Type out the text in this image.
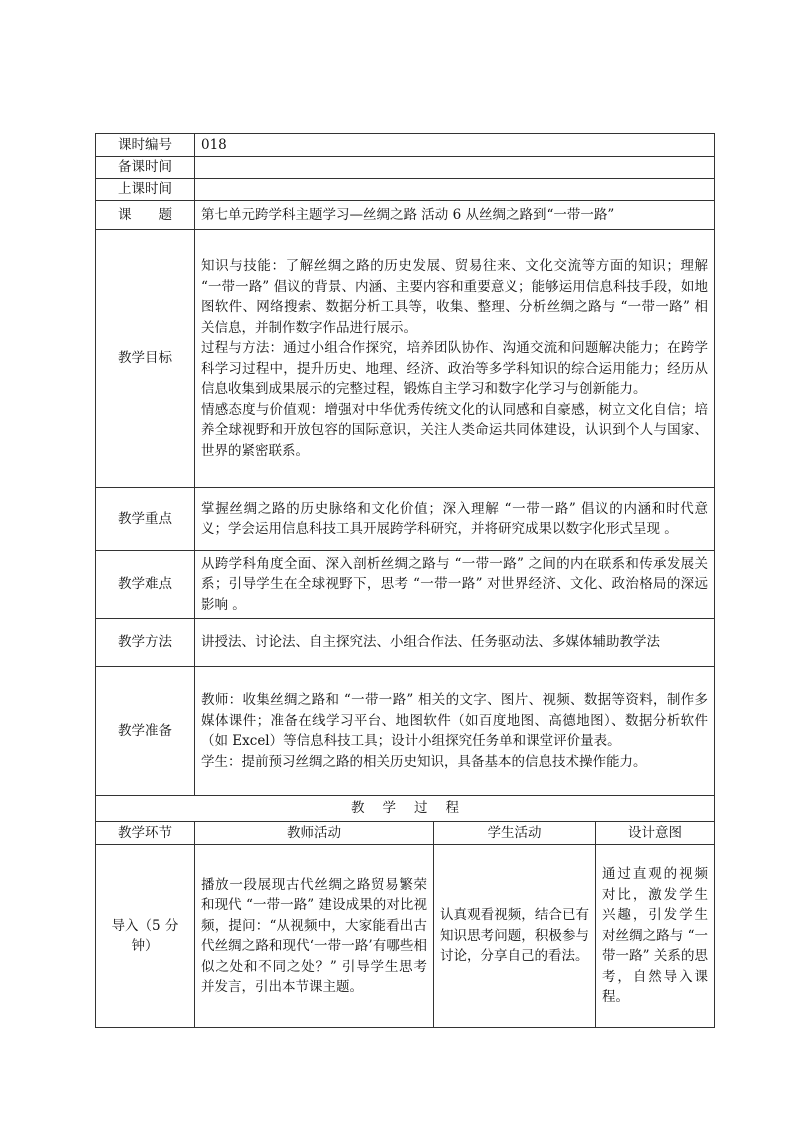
课时编号	018		
备课时间			
上课时间			
课　　题	第七单元跨学科主题学习—丝绸之路 活动 6 从丝绸之路到“一带一路”		
教学目标	知识与技能：了解丝绸之路的历史发展、贸易往来、文化交流等方面的知识；理解 “一带一路” 倡议的背景、内涵、主要内容和重要意义；能够运用信息科技手段，如地图软件、网络搜索、数据分析工具等，收集、整理、分析丝绸之路与 “一带一路” 相关信息，并制作数字作品进行展示。
过程与方法：通过小组合作探究，培养团队协作、沟通交流和问题解决能力；在跨学科学习过程中，提升历史、地理、经济、政治等多学科知识的综合运用能力；经历从信息收集到成果展示的完整过程，锻炼自主学习和数字化学习与创新能力。
情感态度与价值观：增强对中华优秀传统文化的认同感和自豪感，树立文化自信；培养全球视野和开放包容的国际意识，关注人类命运共同体建设，认识到个人与国家、世界的紧密联系。		

教学重点	掌握丝绸之路的历史脉络和文化价值；深入理解 “一带一路” 倡议的内涵和时代意义；学会运用信息科技工具开展跨学科研究，并将研究成果以数字化形式呈现 。		
教学难点	从跨学科角度全面、深入剖析丝绸之路与 “一带一路” 之间的内在联系和传承发展关系；引导学生在全球视野下，思考 “一带一路” 对世界经济、文化、政治格局的深远影响 。		
教学方法	讲授法、讨论法、自主探究法、小组合作法、任务驱动法、多媒体辅助教学法		
教学准备	教师：收集丝绸之路和 “一带一路” 相关的文字、图片、视频、数据等资料，制作多媒体课件；准备在线学习平台、地图软件（如百度地图、高德地图）、数据分析软件（如 Excel）等信息科技工具；设计小组探究任务单和课堂评价量表。
学生：提前预习丝绸之路的相关历史知识，具备基本的信息技术操作能力。		

教学过程			
教学环节	教师活动	学生活动	设计意图
导入（5 分钟）	播放一段展现古代丝绸之路贸易繁荣和现代 “一带一路” 建设成果的对比视频，提问：“从视频中，大家能看出古代丝绸之路和现代‘一带一路’有哪些相似之处和不同之处？” 引导学生思考并发言，引出本节课主题。	认真观看视频，结合已有知识思考问题，积极参与讨论，分享自己的看法。	通过直观的视频对比，激发学生兴趣，引发学生对丝绸之路与 “一带一路” 关系的思考，自然导入课程。
